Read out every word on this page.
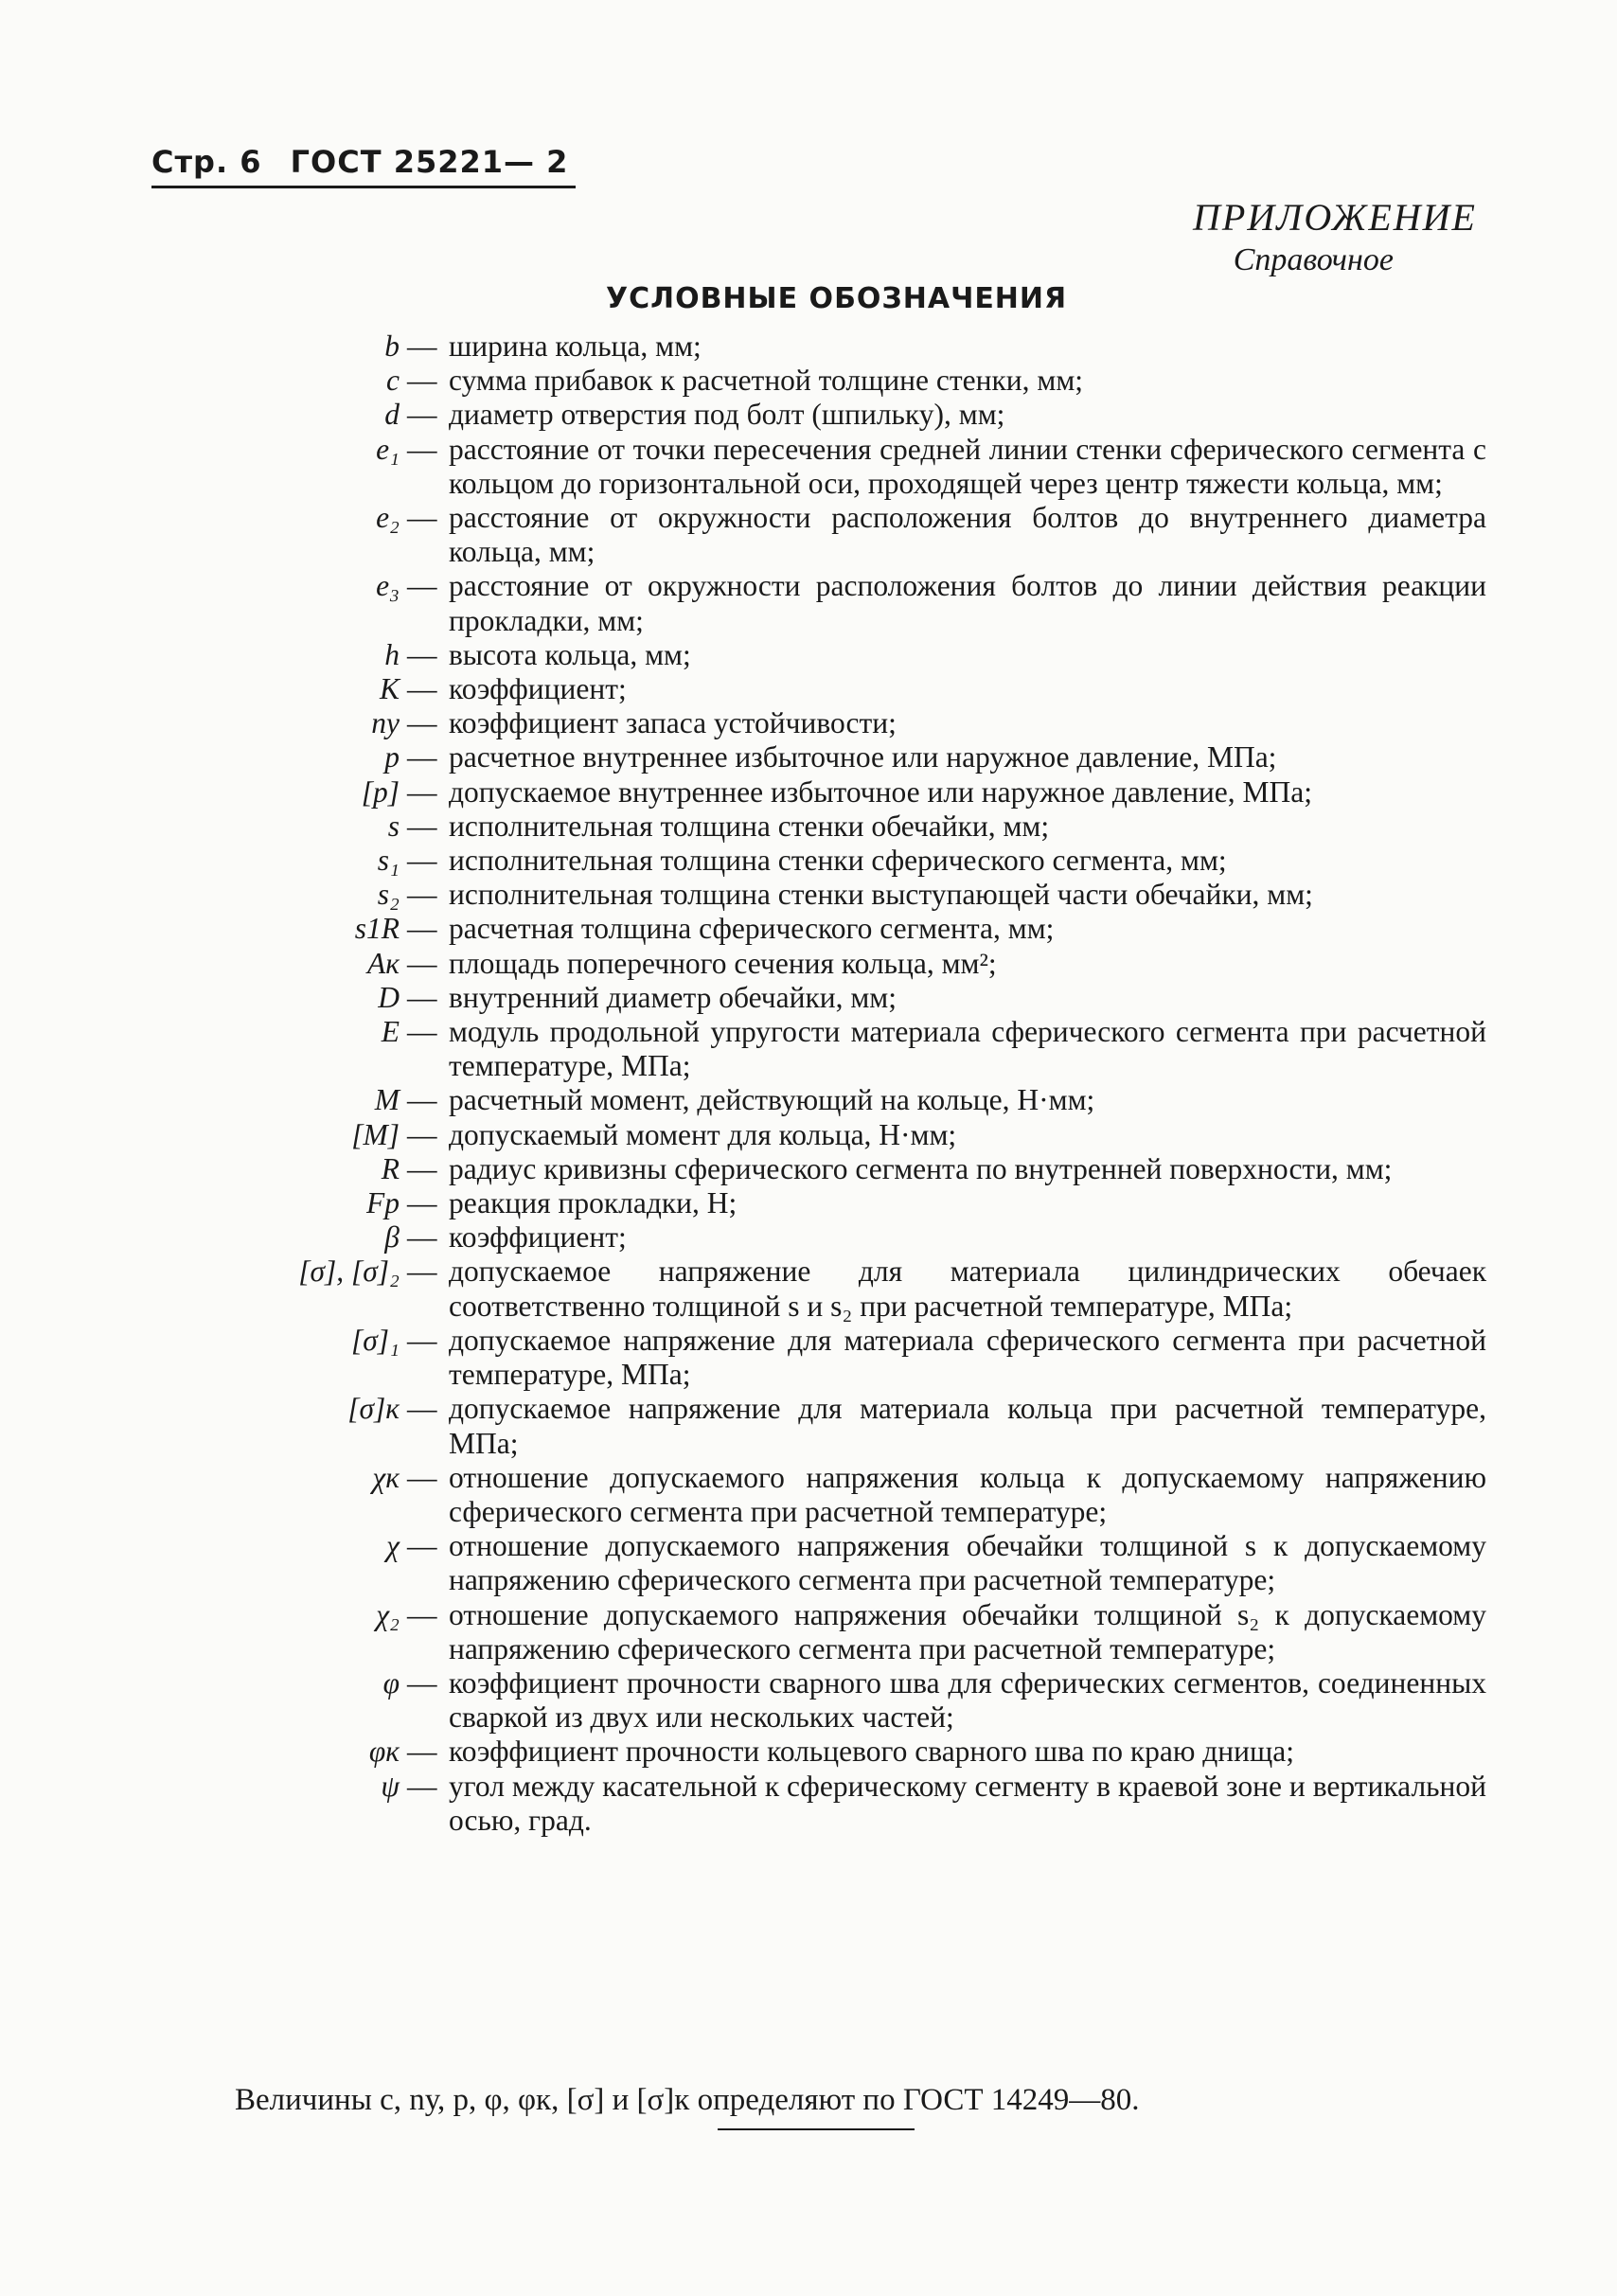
Стр. 6 ГОСТ 25221— 2
ПРИЛОЖЕНИЕ
Справочное
УСЛОВНЫЕ ОБОЗНАЧЕНИЯ
b — ширина кольца, мм;
c — сумма прибавок к расчетной толщине стенки, мм;
d — диаметр отверстия под болт (шпильку), мм;
e₁ — расстояние от точки пересечения средней линии стенки сферического сегмента с кольцом до горизонтальной оси, проходящей через центр тяжести кольца, мм;
e₂ — расстояние от окружности расположения болтов до внутреннего диаметра кольца, мм;
e₃ — расстояние от окружности расположения болтов до линии действия реакции прокладки, мм;
h — высота кольца, мм;
K — коэффициент;
nу — коэффициент запаса устойчивости;
p — расчетное внутреннее избыточное или наружное давление, МПа;
[p] — допускаемое внутреннее избыточное или наружное давление, МПа;
s — исполнительная толщина стенки обечайки, мм;
s₁ — исполнительная толщина стенки сферического сегмента, мм;
s₂ — исполнительная толщина стенки выступающей части обечайки, мм;
s1R — расчетная толщина сферического сегмента, мм;
Aк — площадь поперечного сечения кольца, мм²;
D — внутренний диаметр обечайки, мм;
E — модуль продольной упругости материала сферического сегмента при расчетной температуре, МПа;
M — расчетный момент, действующий на кольце, Н·мм;
[M] — допускаемый момент для кольца, Н·мм;
R — радиус кривизны сферического сегмента по внутренней поверхности, мм;
Fp — реакция прокладки, Н;
β — коэффициент;
[σ], [σ]₂ — допускаемое напряжение для материала цилиндрических обечаек соответственно толщиной s и s₂ при расчетной температуре, МПа;
[σ]₁ — допускаемое напряжение для материала сферического сегмента при расчетной температуре, МПа;
[σ]к — допускаемое напряжение для материала кольца при расчетной температуре, МПа;
χк — отношение допускаемого напряжения кольца к допускаемому напряжению сферического сегмента при расчетной температуре;
χ — отношение допускаемого напряжения обечайки толщиной s к допускаемому напряжению сферического сегмента при расчетной температуре;
χ₂ — отношение допускаемого напряжения обечайки толщиной s₂ к допускаемому напряжению сферического сегмента при расчетной температуре;
φ — коэффициент прочности сварного шва для сферических сегментов, соединенных сваркой из двух или нескольких частей;
φк — коэффициент прочности кольцевого сварного шва по краю днища;
ψ — угол между касательной к сферическому сегменту в краевой зоне и вертикальной осью, град.
Величины c, nу, p, φ, φк, [σ] и [σ]к определяют по ГОСТ 14249—80.
